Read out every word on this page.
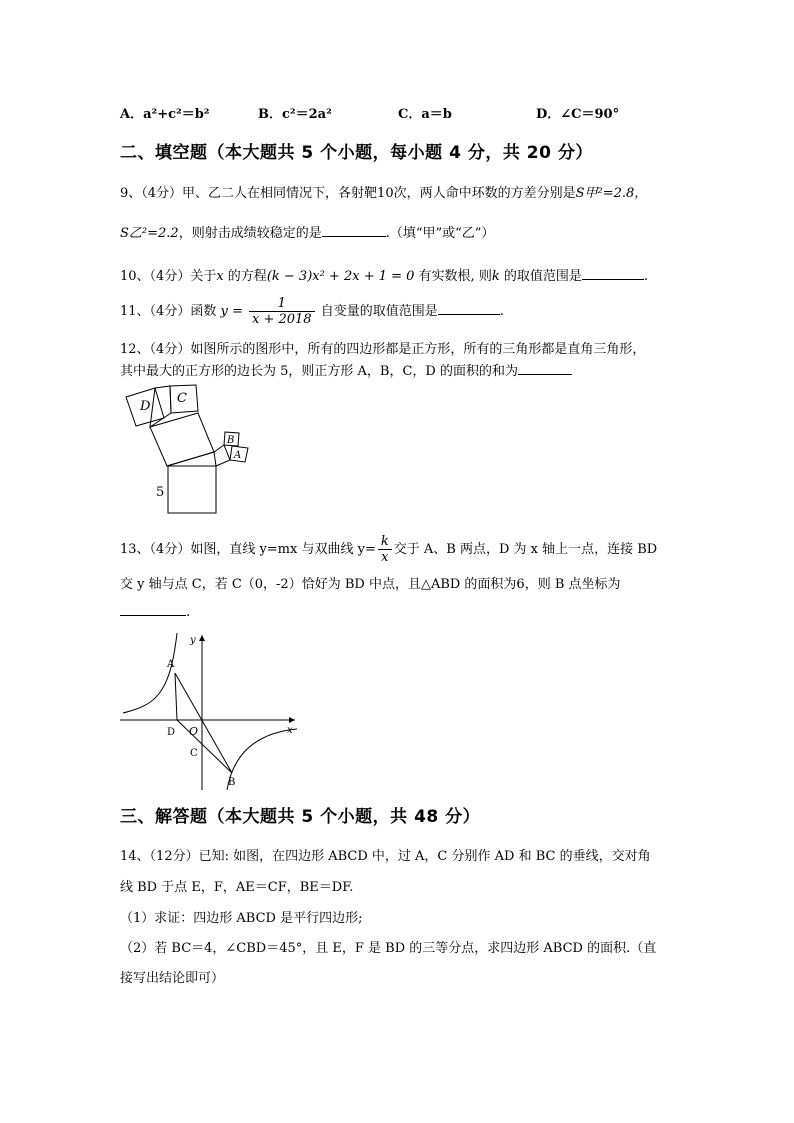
A．a²+c²＝b²	B．c²＝2a²	C．a＝b	D．∠C＝90°
二、填空题（本大题共 5 个小题，每小题 4 分，共 20 分）
9、（4分）甲、乙二人在相同情况下，各射靶10次，两人命中环数的方差分别是S甲²=2.8，
S乙²=2.2，则射击成绩较稳定的是	.（填“甲”或“乙”）
10、（4分）关于x 的方程(k − 3)x² + 2x + 1 = 0 有实数根, 则k 的取值范围是	.
11、（4分）函数 $y = \frac{1}{x + 2018}$ 自变量的取值范围是	.
12、（4分）如图所示的图形中，所有的四边形都是正方形，所有的三角形都是直角三角形，
其中最大的正方形的边长为 5，则正方形 A，B，C，D 的面积的和为
D
C
B
A
5
13、（4分）如图，直线 y=mx 与双曲线 $y= \frac{k}{x}$ 交于 A、B 两点，D 为 x 轴上一点，连接 BD
交 y 轴与点 C，若 C（0，-2）恰好为 BD 中点，且△ABD 的面积为6，则 B 点坐标为
.
y
x
A
D O
C
B
三、解答题（本大题共 5 个小题，共 48 分）
14、（12分）已知: 如图，在四边形 ABCD 中，过 A，C 分别作 AD 和 BC 的垂线，交对角
线 BD 于点 E，F，AE＝CF，BE＝DF.
（1）求证：四边形 ABCD 是平行四边形;
（2）若 BC＝4，∠CBD＝45°，且 E，F 是 BD 的三等分点，求四边形 ABCD 的面积.（直
接写出结论即可）
